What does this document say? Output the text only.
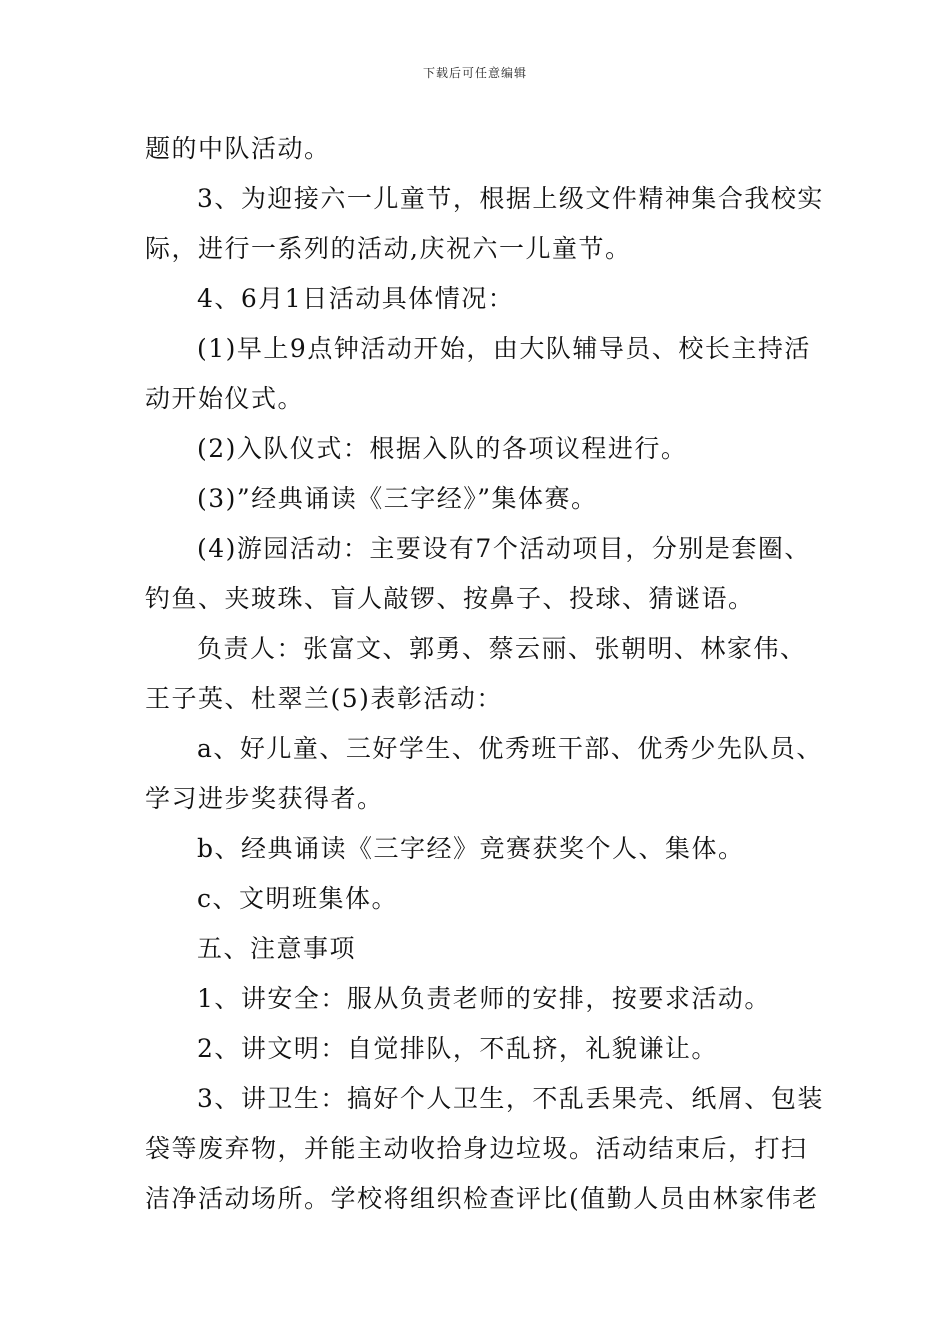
下载后可任意编辑
题的中队活动。
3、为迎接六一儿童节，根据上级文件精神集合我校实
际，进行一系列的活动,庆祝六一儿童节。
4、6月1日活动具体情况：
(1)早上9点钟活动开始，由大队辅导员、校长主持活
动开始仪式。
(2)入队仪式：根据入队的各项议程进行。
(3)”经典诵读《三字经》”集体赛。
(4)游园活动：主要设有7个活动项目，分别是套圈、
钓鱼、夹玻珠、盲人敲锣、按鼻子、投球、猜谜语。
负责人：张富文、郭勇、蔡云丽、张朝明、林家伟、
王子英、杜翠兰(5)表彰活动：
a、好儿童、三好学生、优秀班干部、优秀少先队员、
学习进步奖获得者。
b、经典诵读《三字经》竞赛获奖个人、集体。
c、文明班集体。
五、注意事项
1、讲安全：服从负责老师的安排，按要求活动。
2、讲文明：自觉排队，不乱挤，礼貌谦让。
3、讲卫生：搞好个人卫生，不乱丢果壳、纸屑、包装
袋等废弃物，并能主动收拾身边垃圾。活动结束后，打扫
洁净活动场所。学校将组织检查评比(值勤人员由林家伟老
